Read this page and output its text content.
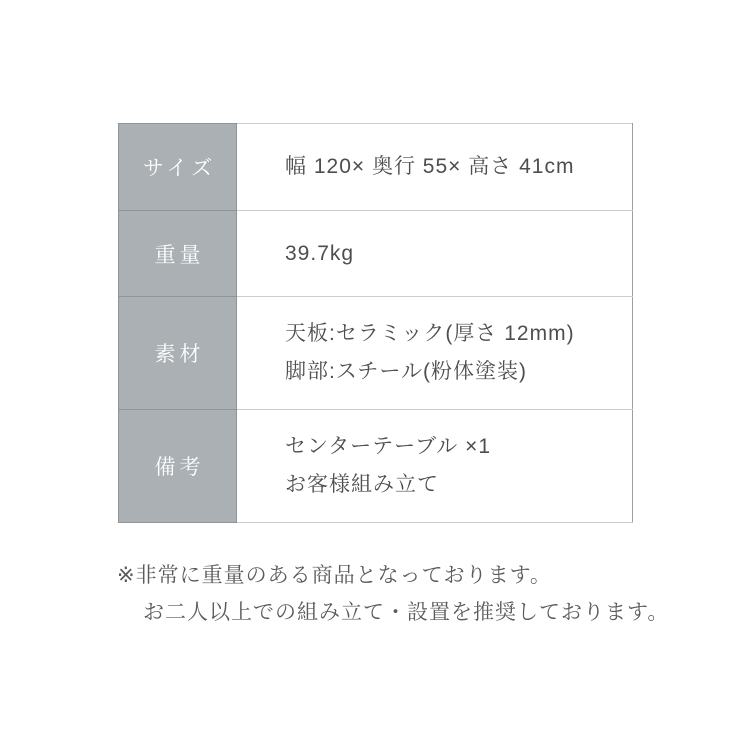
サイズ	幅 120× 奥行 55× 高さ 41cm

重量	39.7kg

素材	天板:セラミック(厚さ 12mm)
脚部:スチール(粉体塗装)

備考	センターテーブル ×1
お客様組み立て
※非常に重量のある商品となっております。
お二人以上での組み立て・設置を推奨しております。
